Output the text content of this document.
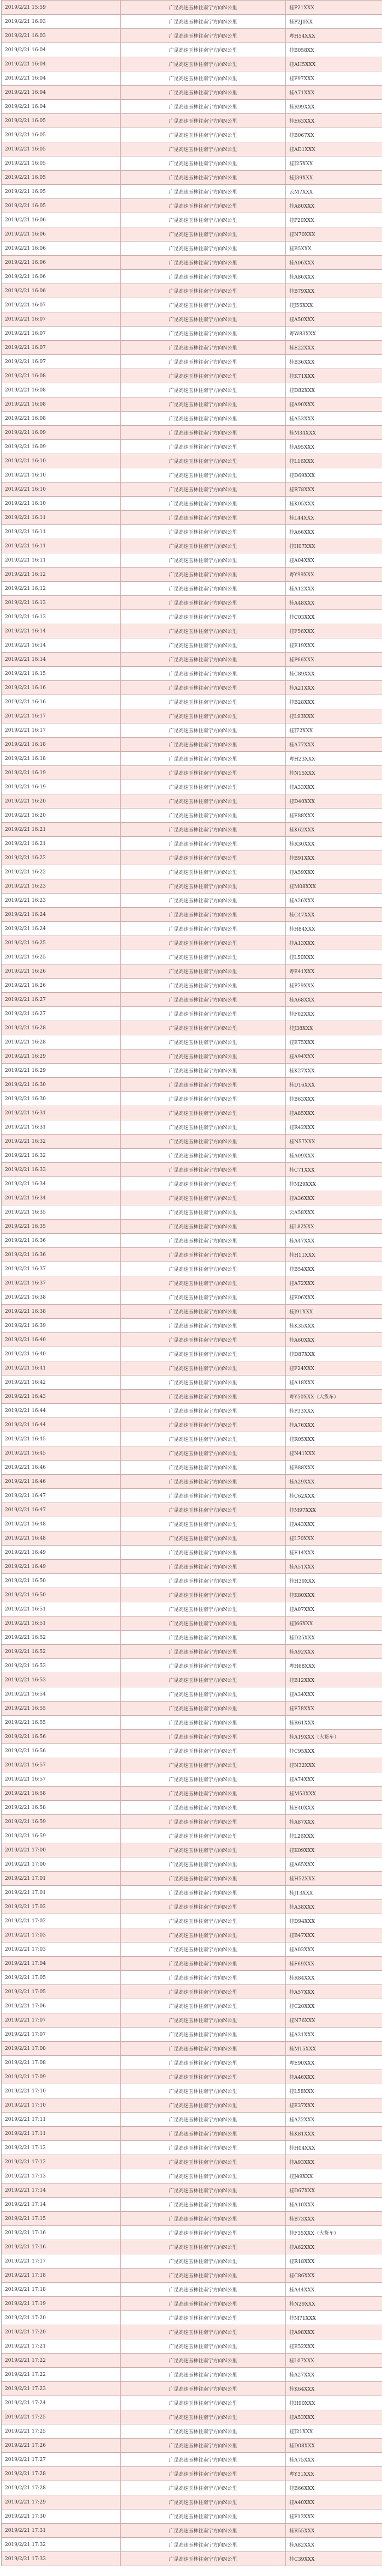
2019/2/21 15:59	广昆高速玉林往南宁方向N公里	桂P21XXX
2019/2/21 16:03	广昆高速玉林往南宁方向N公里	桂P2J0XX
2019/2/21 16:03	广昆高速玉林往南宁方向N公里	粤H54XXX
2019/2/21 16:04	广昆高速玉林往南宁方向N公里	桂B058XX
2019/2/21 16:04	广昆高速玉林往南宁方向N公里	桂AH5XXX
2019/2/21 16:04	广昆高速玉林往南宁方向N公里	桂F97XXX
2019/2/21 16:04	广昆高速玉林往南宁方向N公里	桂A71XXX
2019/2/21 16:04	广昆高速玉林往南宁方向N公里	桂R99XXX
2019/2/21 16:05	广昆高速玉林往南宁方向N公里	桂E63XXX
2019/2/21 16:05	广昆高速玉林往南宁方向N公里	桂B067XX
2019/2/21 16:05	广昆高速玉林往南宁方向N公里	桂AD1XXX
2019/2/21 16:05	广昆高速玉林往南宁方向N公里	桂J25XXX
2019/2/21 16:05	广昆高速玉林往南宁方向N公里	桂J39XXX
2019/2/21 16:05	广昆高速玉林往南宁方向N公里	云M7XXX
2019/2/21 16:05	广昆高速玉林往南宁方向N公里	桂A80XXX
2019/2/21 16:06	广昆高速玉林往南宁方向N公里	桂P20XXX
2019/2/21 16:06	广昆高速玉林往南宁方向N公里	桂N70XXX
2019/2/21 16:06	广昆高速玉林往南宁方向N公里	桂B5XXX
2019/2/21 16:06	广昆高速玉林往南宁方向N公里	桂A06XXX
2019/2/21 16:06	广昆高速玉林往南宁方向N公里	桂A86XXX
2019/2/21 16:06	广昆高速玉林往南宁方向N公里	桂B79XXX
2019/2/21 16:07	广昆高速玉林往南宁方向N公里	桂J55XXX
2019/2/21 16:07	广昆高速玉林往南宁方向N公里	桂A50XXX
2019/2/21 16:07	广昆高速玉林往南宁方向N公里	粤W83XXX
2019/2/21 16:07	广昆高速玉林往南宁方向N公里	桂E22XXX
2019/2/21 16:07	广昆高速玉林往南宁方向N公里	桂B36XXX
2019/2/21 16:08	广昆高速玉林往南宁方向N公里	桂K71XXX
2019/2/21 16:08	广昆高速玉林往南宁方向N公里	桂D82XXX
2019/2/21 16:08	广昆高速玉林往南宁方向N公里	桂A90XXX
2019/2/21 16:08	广昆高速玉林往南宁方向N公里	桂A53XXX
2019/2/21 16:09	广昆高速玉林往南宁方向N公里	桂M34XXX
2019/2/21 16:09	广昆高速玉林往南宁方向N公里	桂A95XXX
2019/2/21 16:10	广昆高速玉林往南宁方向N公里	桂L16XXX
2019/2/21 16:10	广昆高速玉林往南宁方向N公里	桂D69XXX
2019/2/21 16:10	广昆高速玉林往南宁方向N公里	桂R78XXX
2019/2/21 16:10	广昆高速玉林往南宁方向N公里	桂K05XXX
2019/2/21 16:11	广昆高速玉林往南宁方向N公里	桂L44XXX
2019/2/21 16:11	广昆高速玉林往南宁方向N公里	桂A66XXX
2019/2/21 16:11	广昆高速玉林往南宁方向N公里	桂H07XXX
2019/2/21 16:11	广昆高速玉林往南宁方向N公里	桂A04XXX
2019/2/21 16:12	广昆高速玉林往南宁方向N公里	粤Y99XXX
2019/2/21 16:12	广昆高速玉林往南宁方向N公里	桂A12XXX
2019/2/21 16:13	广昆高速玉林往南宁方向N公里	桂A48XXX
2019/2/21 16:13	广昆高速玉林往南宁方向N公里	桂C03XXX
2019/2/21 16:14	广昆高速玉林往南宁方向N公里	桂F56XXX
2019/2/21 16:14	广昆高速玉林往南宁方向N公里	桂E19XXX
2019/2/21 16:14	广昆高速玉林往南宁方向N公里	桂P66XXX
2019/2/21 16:15	广昆高速玉林往南宁方向N公里	桂C89XXX
2019/2/21 16:16	广昆高速玉林往南宁方向N公里	桂A21XXX
2019/2/21 16:16	广昆高速玉林往南宁方向N公里	桂B28XXX
2019/2/21 16:17	广昆高速玉林往南宁方向N公里	桂L93XXX
2019/2/21 16:17	广昆高速玉林往南宁方向N公里	桂J72XXX
2019/2/21 16:18	广昆高速玉林往南宁方向N公里	桂A77XXX
2019/2/21 16:18	广昆高速玉林往南宁方向N公里	粤H23XXX
2019/2/21 16:19	广昆高速玉林往南宁方向N公里	桂N15XXX
2019/2/21 16:19	广昆高速玉林往南宁方向N公里	桂A33XXX
2019/2/21 16:20	广昆高速玉林往南宁方向N公里	桂D40XXX
2019/2/21 16:20	广昆高速玉林往南宁方向N公里	桂E88XXX
2019/2/21 16:21	广昆高速玉林往南宁方向N公里	桂K62XXX
2019/2/21 16:21	广昆高速玉林往南宁方向N公里	桂R30XXX
2019/2/21 16:22	广昆高速玉林往南宁方向N公里	桂B91XXX
2019/2/21 16:22	广昆高速玉林往南宁方向N公里	桂A59XXX
2019/2/21 16:23	广昆高速玉林往南宁方向N公里	桂M08XXX
2019/2/21 16:23	广昆高速玉林往南宁方向N公里	桂A26XXX
2019/2/21 16:24	广昆高速玉林往南宁方向N公里	桂C47XXX
2019/2/21 16:24	广昆高速玉林往南宁方向N公里	桂H84XXX
2019/2/21 16:25	广昆高速玉林往南宁方向N公里	桂A13XXX
2019/2/21 16:25	广昆高速玉林往南宁方向N公里	桂L50XXX
2019/2/21 16:26	广昆高速玉林往南宁方向N公里	粤E41XXX
2019/2/21 16:26	广昆高速玉林往南宁方向N公里	桂P79XXX
2019/2/21 16:27	广昆高速玉林往南宁方向N公里	桂A68XXX
2019/2/21 16:27	广昆高速玉林往南宁方向N公里	桂F02XXX
2019/2/21 16:28	广昆高速玉林往南宁方向N公里	桂J38XXX
2019/2/21 16:28	广昆高速玉林往南宁方向N公里	桂E75XXX
2019/2/21 16:29	广昆高速玉林往南宁方向N公里	桂A94XXX
2019/2/21 16:29	广昆高速玉林往南宁方向N公里	桂K27XXX
2019/2/21 16:30	广昆高速玉林往南宁方向N公里	桂D16XXX
2019/2/21 16:30	广昆高速玉林往南宁方向N公里	桂B63XXX
2019/2/21 16:31	广昆高速玉林往南宁方向N公里	桂A85XXX
2019/2/21 16:31	广昆高速玉林往南宁方向N公里	桂R42XXX
2019/2/21 16:32	广昆高速玉林往南宁方向N公里	桂N57XXX
2019/2/21 16:32	广昆高速玉林往南宁方向N公里	桂A09XXX
2019/2/21 16:33	广昆高速玉林往南宁方向N公里	桂C71XXX
2019/2/21 16:34	广昆高速玉林往南宁方向N公里	桂M29XXX
2019/2/21 16:34	广昆高速玉林往南宁方向N公里	桂A36XXX
2019/2/21 16:35	广昆高速玉林往南宁方向N公里	云A58XXX
2019/2/21 16:35	广昆高速玉林往南宁方向N公里	桂L82XXX
2019/2/21 16:36	广昆高速玉林往南宁方向N公里	桂A47XXX
2019/2/21 16:36	广昆高速玉林往南宁方向N公里	桂H11XXX
2019/2/21 16:37	广昆高速玉林往南宁方向N公里	桂B54XXX
2019/2/21 16:37	广昆高速玉林往南宁方向N公里	桂A72XXX
2019/2/21 16:38	广昆高速玉林往南宁方向N公里	桂E06XXX
2019/2/21 16:38	广昆高速玉林往南宁方向N公里	桂J91XXX
2019/2/21 16:39	广昆高速玉林往南宁方向N公里	桂K35XXX
2019/2/21 16:40	广昆高速玉林往南宁方向N公里	桂A60XXX
2019/2/21 16:40	广昆高速玉林往南宁方向N公里	桂D87XXX
2019/2/21 16:41	广昆高速玉林往南宁方向N公里	桂F24XXX
2019/2/21 16:42	广昆高速玉林往南宁方向N公里	桂A18XXX
2019/2/21 16:43	广昆高速玉林往南宁方向N公里	粤Y50XXX（大货车）
2019/2/21 16:44	广昆高速玉林往南宁方向N公里	桂P33XXX
2019/2/21 16:44	广昆高速玉林往南宁方向N公里	桂A76XXX
2019/2/21 16:45	广昆高速玉林往南宁方向N公里	桂R05XXX
2019/2/21 16:45	广昆高速玉林往南宁方向N公里	桂N41XXX
2019/2/21 16:46	广昆高速玉林往南宁方向N公里	桂B88XXX
2019/2/21 16:46	广昆高速玉林往南宁方向N公里	桂A29XXX
2019/2/21 16:47	广昆高速玉林往南宁方向N公里	桂C62XXX
2019/2/21 16:47	广昆高速玉林往南宁方向N公里	桂M97XXX
2019/2/21 16:48	广昆高速玉林往南宁方向N公里	桂A43XXX
2019/2/21 16:48	广昆高速玉林往南宁方向N公里	桂L70XXX
2019/2/21 16:49	广昆高速玉林往南宁方向N公里	桂E14XXX
2019/2/21 16:49	广昆高速玉林往南宁方向N公里	桂A51XXX
2019/2/21 16:50	广昆高速玉林往南宁方向N公里	桂H39XXX
2019/2/21 16:50	广昆高速玉林往南宁方向N公里	桂K80XXX
2019/2/21 16:51	广昆高速玉林往南宁方向N公里	桂A07XXX
2019/2/21 16:51	广昆高速玉林往南宁方向N公里	桂J66XXX
2019/2/21 16:52	广昆高速玉林往南宁方向N公里	桂D25XXX
2019/2/21 16:52	广昆高速玉林往南宁方向N公里	桂A92XXX
2019/2/21 16:53	广昆高速玉林往南宁方向N公里	粤H68XXX
2019/2/21 16:53	广昆高速玉林往南宁方向N公里	桂B12XXX
2019/2/21 16:54	广昆高速玉林往南宁方向N公里	桂A34XXX
2019/2/21 16:55	广昆高速玉林往南宁方向N公里	桂F78XXX
2019/2/21 16:55	广昆高速玉林往南宁方向N公里	桂R61XXX
2019/2/21 16:56	广昆高速玉林往南宁方向N公里	桂A19XXX（大货车）
2019/2/21 16:56	广昆高速玉林往南宁方向N公里	桂C95XXX
2019/2/21 16:57	广昆高速玉林往南宁方向N公里	桂N32XXX
2019/2/21 16:57	广昆高速玉林往南宁方向N公里	桂A74XXX
2019/2/21 16:58	广昆高速玉林往南宁方向N公里	桂M53XXX
2019/2/21 16:58	广昆高速玉林往南宁方向N公里	桂E40XXX
2019/2/21 16:59	广昆高速玉林往南宁方向N公里	桂A87XXX
2019/2/21 16:59	广昆高速玉林往南宁方向N公里	桂L26XXX
2019/2/21 17:00	广昆高速玉林往南宁方向N公里	桂K09XXX
2019/2/21 17:00	广昆高速玉林往南宁方向N公里	桂A65XXX
2019/2/21 17:01	广昆高速玉林往南宁方向N公里	桂H52XXX
2019/2/21 17:01	广昆高速玉林往南宁方向N公里	桂J13XXX
2019/2/21 17:02	广昆高速玉林往南宁方向N公里	桂A38XXX
2019/2/21 17:02	广昆高速玉林往南宁方向N公里	桂D94XXX
2019/2/21 17:03	广昆高速玉林往南宁方向N公里	桂B47XXX
2019/2/21 17:03	广昆高速玉林往南宁方向N公里	桂A03XXX
2019/2/21 17:04	广昆高速玉林往南宁方向N公里	桂F69XXX
2019/2/21 17:05	广昆高速玉林往南宁方向N公里	桂R84XXX
2019/2/21 17:05	广昆高速玉林往南宁方向N公里	桂A57XXX
2019/2/21 17:06	广昆高速玉林往南宁方向N公里	桂C20XXX
2019/2/21 17:07	广昆高速玉林往南宁方向N公里	桂N76XXX
2019/2/21 17:07	广昆高速玉林往南宁方向N公里	桂A31XXX
2019/2/21 17:08	广昆高速玉林往南宁方向N公里	桂M15XXX
2019/2/21 17:08	广昆高速玉林往南宁方向N公里	粤E90XXX
2019/2/21 17:09	广昆高速玉林往南宁方向N公里	桂A46XXX
2019/2/21 17:10	广昆高速玉林往南宁方向N公里	桂L58XXX
2019/2/21 17:10	广昆高速玉林往南宁方向N公里	桂E37XXX
2019/2/21 17:11	广昆高速玉林往南宁方向N公里	桂A22XXX
2019/2/21 17:11	广昆高速玉林往南宁方向N公里	桂K81XXX
2019/2/21 17:12	广昆高速玉林往南宁方向N公里	桂H04XXX
2019/2/21 17:12	广昆高速玉林往南宁方向N公里	桂A93XXX
2019/2/21 17:13	广昆高速玉林往南宁方向N公里	桂J49XXX
2019/2/21 17:14	广昆高速玉林往南宁方向N公里	桂D67XXX
2019/2/21 17:14	广昆高速玉林往南宁方向N公里	桂A10XXX
2019/2/21 17:15	广昆高速玉林往南宁方向N公里	桂B73XXX
2019/2/21 17:16	广昆高速玉林往南宁方向N公里	桂F35XXX（大货车）
2019/2/21 17:16	广昆高速玉林往南宁方向N公里	桂A62XXX
2019/2/21 17:17	广昆高速玉林往南宁方向N公里	桂R18XXX
2019/2/21 17:18	广昆高速玉林往南宁方向N公里	桂C86XXX
2019/2/21 17:18	广昆高速玉林往南宁方向N公里	桂A44XXX
2019/2/21 17:19	广昆高速玉林往南宁方向N公里	桂N29XXX
2019/2/21 17:20	广昆高速玉林往南宁方向N公里	桂M71XXX
2019/2/21 17:20	广昆高速玉林往南宁方向N公里	桂A98XXX
2019/2/21 17:21	广昆高速玉林往南宁方向N公里	桂E52XXX
2019/2/21 17:22	广昆高速玉林往南宁方向N公里	桂L07XXX
2019/2/21 17:22	广昆高速玉林往南宁方向N公里	桂A27XXX
2019/2/21 17:23	广昆高速玉林往南宁方向N公里	桂K64XXX
2019/2/21 17:24	广昆高速玉林往南宁方向N公里	桂H90XXX
2019/2/21 17:25	广昆高速玉林往南宁方向N公里	桂A53XXX
2019/2/21 17:25	广昆高速玉林往南宁方向N公里	桂J21XXX
2019/2/21 17:26	广昆高速玉林往南宁方向N公里	桂D08XXX
2019/2/21 17:27	广昆高速玉林往南宁方向N公里	桂A75XXX
2019/2/21 17:28	广昆高速玉林往南宁方向N公里	粤Y31XXX
2019/2/21 17:28	广昆高速玉林往南宁方向N公里	桂B66XXX
2019/2/21 17:29	广昆高速玉林往南宁方向N公里	桂A40XXX
2019/2/21 17:30	广昆高速玉林往南宁方向N公里	桂F13XXX
2019/2/21 17:31	广昆高速玉林往南宁方向N公里	桂R55XXX
2019/2/21 17:32	广昆高速玉林往南宁方向N公里	桂A82XXX
2019/2/21 17:33	广昆高速玉林往南宁方向N公里	桂C39XXX
